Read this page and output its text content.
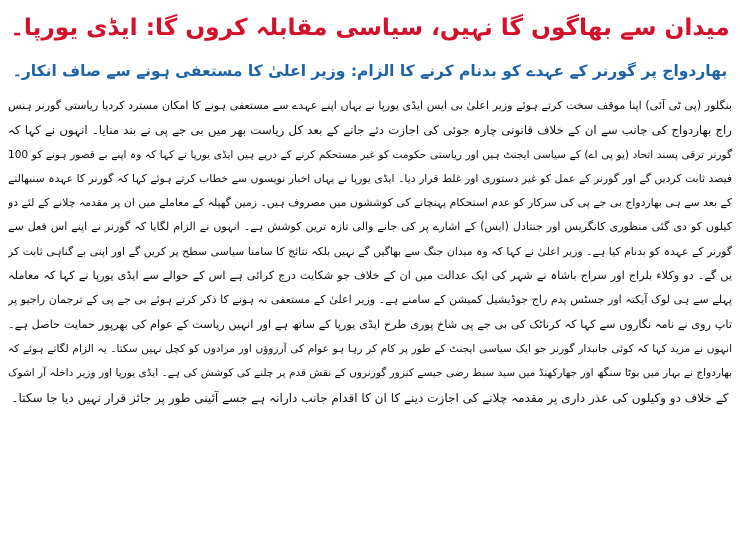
میدان سے بھاگوں گا نہیں، سیاسی مقابلہ کروں گا: ایڈی یورپا۔
بھاردواج پر گورنر کے عہدے کو بدنام کرنے کا الزام: وزیر اعلیٰ کا مستعفی ہونے سے صاف انکار۔
بنگلور (پی ٹی آئی) اپنا موقف سخت کرتے ہوئے وزیر اعلیٰ بی ایس ایڈی یورپا نے یہاں اپنے عہدے سے مستعفی ہونے کا امکان مسترد کردیا ریاستی گورنر ہنس
راج بھاردواج کی جانب سے ان کے خلاف قانونی چارہ جوئی کی اجازت دئے جانے کے بعد کل ریاست بھر میں بی جے پی نے بند منایا۔ انہوں نے کہا کہ
گورنر ترقی پسند اتحاد (یو پی اے) کے سیاسی ایجنٹ ہیں اور ریاستی حکومت کو غیر مستحکم کرنے کے درپے ہیں ایڈی یورپا نے کہا کہ وہ اپنے بے قصور ہونے کو 100
فیصد ثابت کردیں گے اور گورنر کے عمل کو غیر دستوری اور غلط قرار دیا۔ ایڈی یورپا نے یہاں اخبار نویسوں سے خطاب کرتے ہوئے کہا کہ گورنر کا عہدہ سنبھالنے
کے بعد سے ہی بھاردواج بی جے پی کی سرکار کو عدم استحکام پہنچانے کی کوششوں میں مصروف ہیں۔ زمین گھپلہ کے معاملے میں ان پر مقدمہ چلانے کے لئے دو
کیلوں کو دی گئی منظوری کانگریس اور جنتادل (ایس) کے اشارے پر کی جانے والی تازہ ترین کوشش ہے۔ انہوں نے الزام لگایا کہ گورنر نے اپنے اس فعل سے
گورنر کے عہدہ کو بدنام کیا ہے۔ وزیر اعلیٰ نے کہا کہ وہ میدان جنگ سے بھاگیں گے نہیں بلکہ نتائج کا سامنا سیاسی سطح پر کریں گے اور اپنی بے گناہی ثابت کر
یں گے۔ دو وکلاء بلراج اور سراج باشاہ نے شہر کی ایک عدالت میں ان کے خلاف جو شکایت درج کرائی ہے اس کے حوالے سے ایڈی یورپا نے کہا کہ معاملہ
پہلے سے ہی لوک آیکتہ اور جسٹس پدم راج جوڈیشیل کمیشن کے سامنے ہے۔ وزیر اعلیٰ کے مستعفی نہ ہونے کا ذکر کرتے ہوئے بی جے پی کے ترجمان راجیو پر
تاپ روی نے نامہ نگاروں سے کہا کہ کرناٹک کی بی جے پی شاخ پوری طرح ایڈی یورپا کے ساتھ ہے اور انہیں ریاست کے عوام کی بھرپور حمایت حاصل ہے۔
انہوں نے مزید کہا کہ کوئی جانبدار گورنر جو ایک سیاسی ایجنٹ کے طور پر کام کر رہا ہو عوام کی آرزوؤں اور مرادوں کو کچل نہیں سکتا۔ یہ الزام لگاتے ہوئے کہ
بھاردواج نے بہار میں بوٹا سنگھ اور جھارکھنڈ میں سید سبط رضی جیسے کنزور گورنروں کے نقش قدم پر چلنے کی کوشش کی ہے۔ ایڈی یورپا اور وزیر داخلہ آر اشوک
کے خلاف دو وکیلوں کی عذر داری پر مقدمہ چلانے کی اجازت دینے کا ان کا اقدام جانب دارانہ ہے جسے آئینی طور پر جائز قرار نہیں دیا جا سکتا۔
